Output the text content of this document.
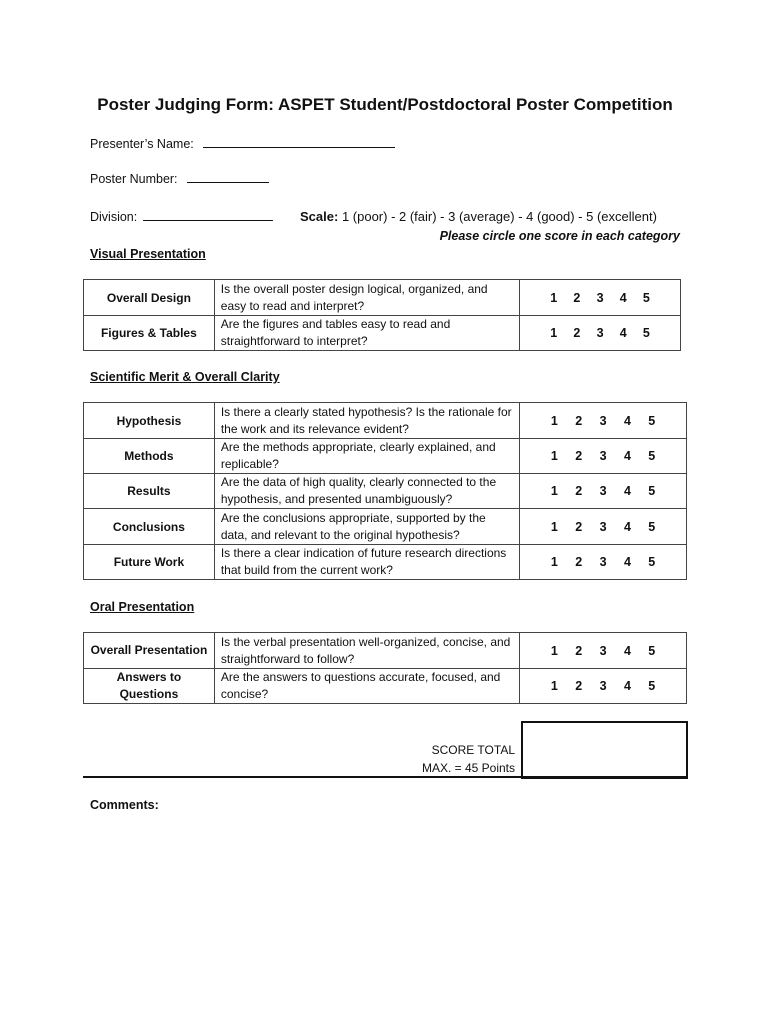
Poster Judging Form: ASPET Student/Postdoctoral Poster Competition
Presenter’s Name:
Poster Number:
Division:	Scale: 1 (poor) - 2 (fair) - 3 (average) - 4 (good) - 5 (excellent)
Please circle one score in each category
Visual Presentation
Overall Design	Is the overall poster design logical, organized, and easy to read and interpret?	1 2 3 4 5

Figures & Tables	Are the figures and tables easy to read and straightforward to interpret?	1 2 3 4 5
Scientific Merit & Overall Clarity
Hypothesis	Is there a clearly stated hypothesis? Is the rationale for the work and its relevance evident?	1 2 3 4 5

Methods	Are the methods appropriate, clearly explained, and replicable?	1 2 3 4 5

Results	Are the data of high quality, clearly connected to the hypothesis, and presented unambiguously?	1 2 3 4 5

Conclusions	Are the conclusions appropriate, supported by the data, and relevant to the original hypothesis?	1 2 3 4 5

Future Work	Is there a clear indication of future research directions that build from the current work?	1 2 3 4 5
Oral Presentation
Overall Presentation	Is the verbal presentation well-organized, concise, and straightforward to follow?	1 2 3 4 5

Answers to Questions	Are the answers to questions accurate, focused, and concise?	1 2 3 4 5
SCORE TOTAL
MAX. = 45 Points
Comments:
